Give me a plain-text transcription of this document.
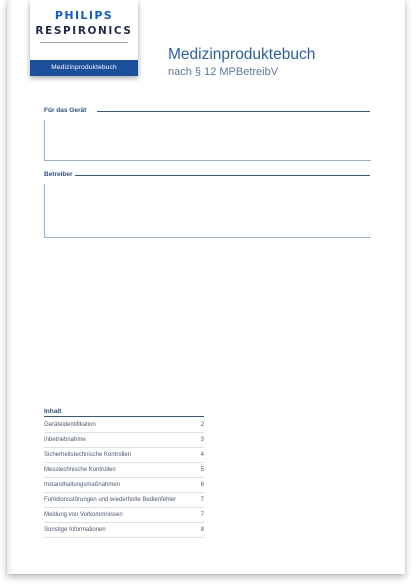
PHILIPS
RESPIRONICS
Medizinproduktebuch
Medizinproduktebuch
nach § 12 MPBetreibV
Für das Gerät
Betreiber
Inhalt
Geräteidentifikation	2
Inbetriebnahme	3
Sicherheitstechnische Kontrollen	4
Messtechnische Kontrollen	5
Instandhaltungsmaßnahmen	6
Funktionsstörungen und wiederholte Bedienfehler	7
Meldung von Vorkommnissen	7
Sonstige Informationen	8
